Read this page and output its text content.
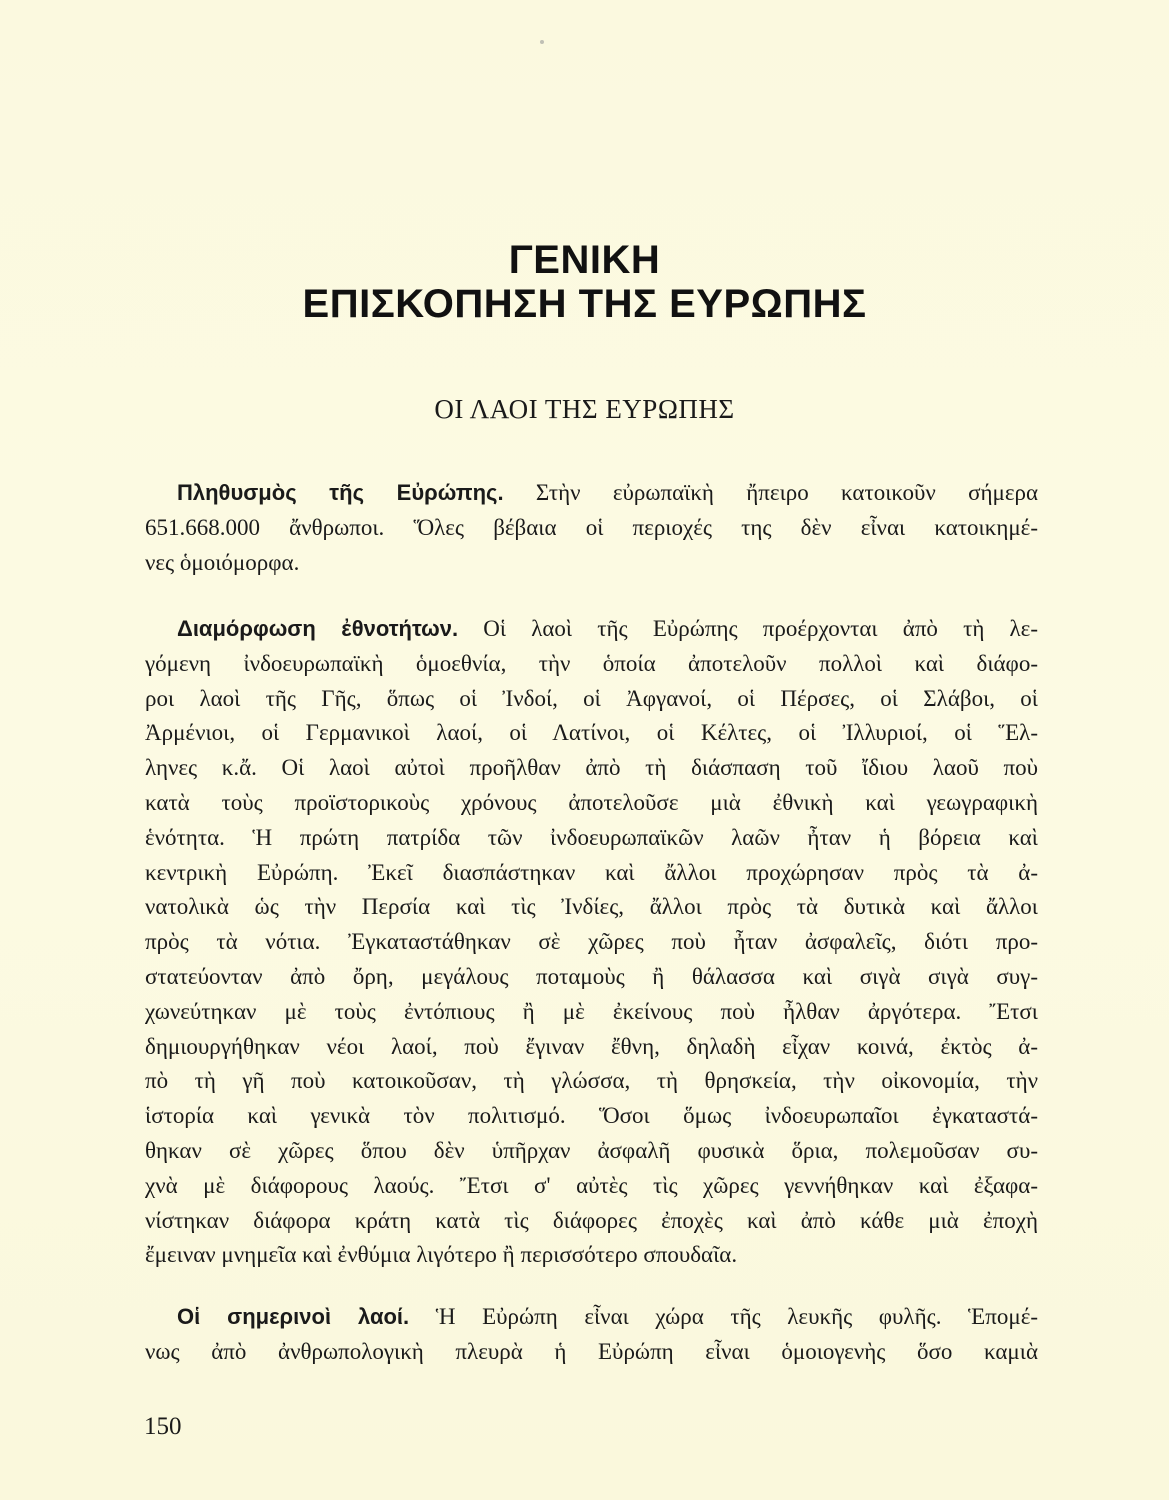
ΓΕΝΙΚΗ
ΕΠΙΣΚΟΠΗΣΗ ΤΗΣ ΕΥΡΩΠΗΣ
ΟΙ ΛΑΟΙ ΤΗΣ ΕΥΡΩΠΗΣ
Πληθυσμὸς τῆς Εὐρώπης. Στὴν εὐρωπαϊκὴ ἤπειρο κατοικοῦν σήμερα
651.668.000 ἄνθρωποι. Ὅλες βέβαια οἱ περιοχές της δὲν εἶναι κατοικημέ-
νες ὁμοιόμορφα.
Διαμόρφωση ἐθνοτήτων. Οἱ λαοὶ τῆς Εὐρώπης προέρχονται ἀπὸ τὴ λε-
γόμενη ἰνδοευρωπαϊκὴ ὁμοεθνία, τὴν ὁποία ἀποτελοῦν πολλοὶ καὶ διάφο-
ροι λαοὶ τῆς Γῆς, ὅπως οἱ Ἰνδοί, οἱ Ἀφγανοί, οἱ Πέρσες, οἱ Σλάβοι, οἱ
Ἀρμένιοι, οἱ Γερμανικοὶ λαοί, οἱ Λατίνοι, οἱ Κέλτες, οἱ Ἰλλυριοί, οἱ Ἕλ-
ληνες κ.ἄ. Οἱ λαοὶ αὐτοὶ προῆλθαν ἀπὸ τὴ διάσπαση τοῦ ἴδιου λαοῦ ποὺ
κατὰ τοὺς προϊστορικοὺς χρόνους ἀποτελοῦσε μιὰ ἐθνικὴ καὶ γεωγραφικὴ
ἑνότητα. Ἡ πρώτη πατρίδα τῶν ἰνδοευρωπαϊκῶν λαῶν ἦταν ἡ βόρεια καὶ
κεντρικὴ Εὐρώπη. Ἐκεῖ διασπάστηκαν καὶ ἄλλοι προχώρησαν πρὸς τὰ ἀ-
νατολικὰ ὡς τὴν Περσία καὶ τὶς Ἰνδίες, ἄλλοι πρὸς τὰ δυτικὰ καὶ ἄλλοι
πρὸς τὰ νότια. Ἐγκαταστάθηκαν σὲ χῶρες ποὺ ἦταν ἀσφαλεῖς, διότι προ-
στατεύονταν ἀπὸ ὄρη, μεγάλους ποταμοὺς ἢ θάλασσα καὶ σιγὰ σιγὰ συγ-
χωνεύτηκαν μὲ τοὺς ἐντόπιους ἢ μὲ ἐκείνους ποὺ ἦλθαν ἀργότερα. Ἔτσι
δημιουργήθηκαν νέοι λαοί, ποὺ ἔγιναν ἔθνη, δηλαδὴ εἶχαν κοινά, ἐκτὸς ἀ-
πὸ τὴ γῆ ποὺ κατοικοῦσαν, τὴ γλώσσα, τὴ θρησκεία, τὴν οἰκονομία, τὴν
ἱστορία καὶ γενικὰ τὸν πολιτισμό. Ὅσοι ὅμως ἰνδοευρωπαῖοι ἐγκαταστά-
θηκαν σὲ χῶρες ὅπου δὲν ὑπῆρχαν ἀσφαλῆ φυσικὰ ὅρια, πολεμοῦσαν συ-
χνὰ μὲ διάφορους λαούς. Ἔτσι σ' αὐτὲς τὶς χῶρες γεννήθηκαν καὶ ἐξαφα-
νίστηκαν διάφορα κράτη κατὰ τὶς διάφορες ἐποχὲς καὶ ἀπὸ κάθε μιὰ ἐποχὴ
ἔμειναν μνημεῖα καὶ ἐνθύμια λιγότερο ἢ περισσότερο σπουδαῖα.
Οἱ σημερινοὶ λαοί. Ἡ Εὐρώπη εἶναι χώρα τῆς λευκῆς φυλῆς. Ἑπομέ-
νως ἀπὸ ἀνθρωπολογικὴ πλευρὰ ἡ Εὐρώπη εἶναι ὁμοιογενὴς ὅσο καμιὰ
150
